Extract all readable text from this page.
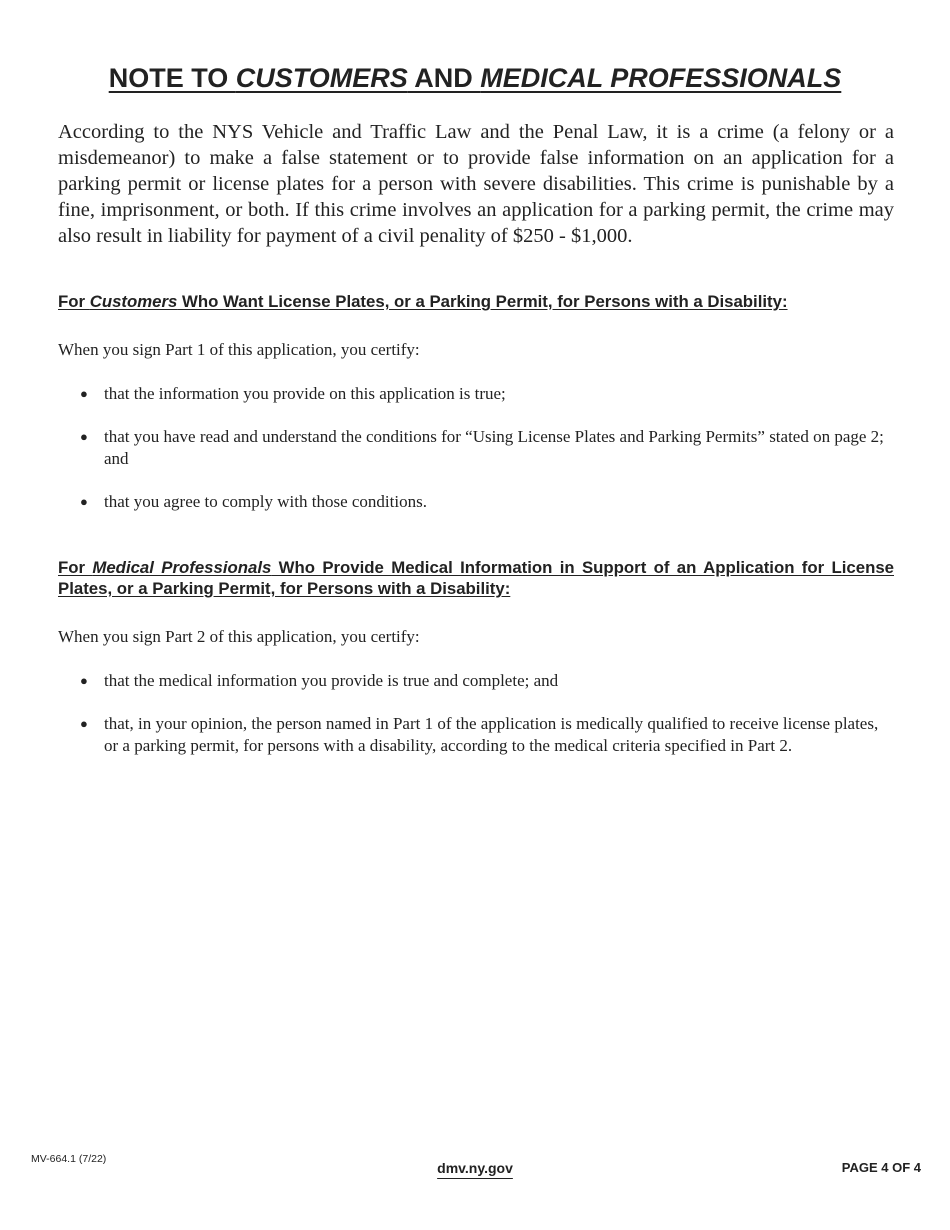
NOTE TO CUSTOMERS AND MEDICAL PROFESSIONALS

According to the NYS Vehicle and Traffic Law and the Penal Law, it is a crime (a felony or a misdemeanor) to make a false statement or to provide false information on an application for a parking permit or license plates for a person with severe disabilities. This crime is punishable by a fine, imprisonment, or both. If this crime involves an application for a parking permit, the crime may also result in liability for payment of a civil penality of $250 - $1,000.

For Customers Who Want License Plates, or a Parking Permit, for Persons with a Disability:

When you sign Part 1 of this application, you certify:

● that the information you provide on this application is true;
● that you have read and understand the conditions for “Using License Plates and Parking Permits” stated on page 2; and
● that you agree to comply with those conditions.
For Medical Professionals Who Provide Medical Information in Support of an Application for License Plates, or a Parking Permit, for Persons with a Disability:

When you sign Part 2 of this application, you certify:

● that the medical information you provide is true and complete; and
● that, in your opinion, the person named in Part 1 of the application is medically qualified to receive license plates, or a parking permit, for persons with a disability, according to the medical criteria specified in Part 2.
MV-664.1 (7/22)
dmv.ny.gov	PAGE 4 OF 4
